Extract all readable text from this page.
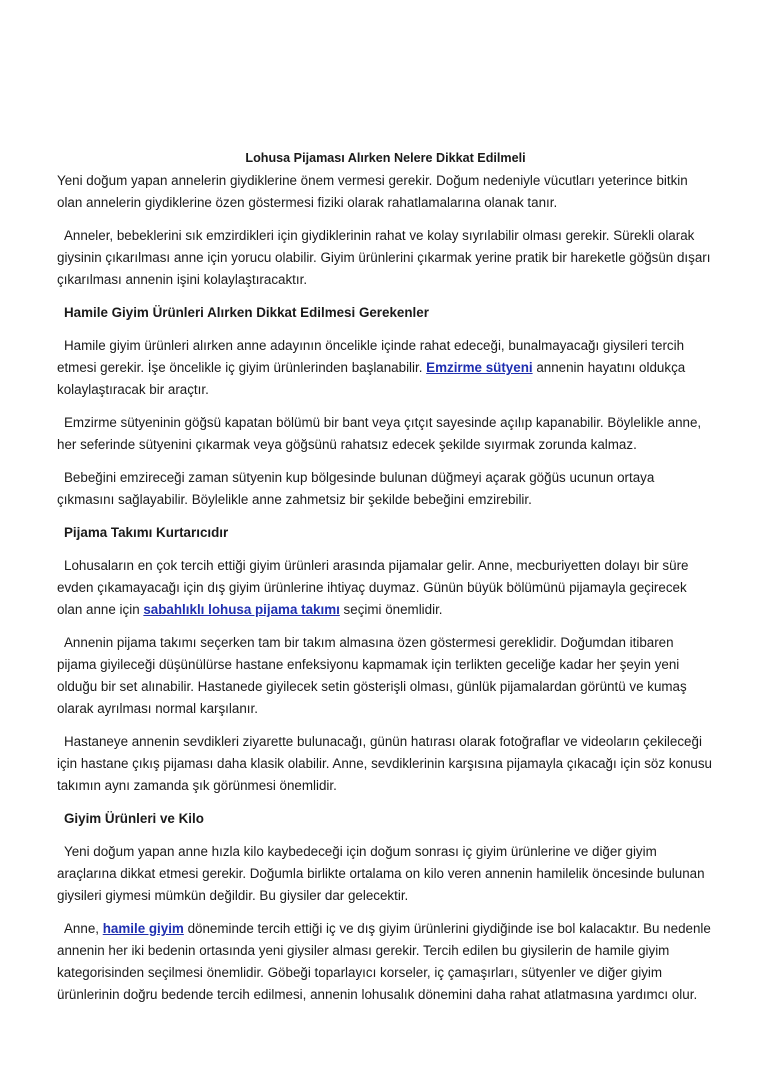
Lohusa Pijaması Alırken Nelere Dikkat Edilmeli

Yeni doğum yapan annelerin giydiklerine önem vermesi gerekir. Doğum nedeniyle vücutları yeterince bitkin olan annelerin giydiklerine özen göstermesi fiziki olarak rahatlamalarına olanak tanır.

Anneler, bebeklerini sık emzirdikleri için giydiklerinin rahat ve kolay sıyrılabilir olması gerekir. Sürekli olarak giysinin çıkarılması anne için yorucu olabilir. Giyim ürünlerini çıkarmak yerine pratik bir hareketle göğsün dışarı çıkarılması annenin işini kolaylaştıracaktır.

Hamile Giyim Ürünleri Alırken Dikkat Edilmesi Gerekenler

Hamile giyim ürünleri alırken anne adayının öncelikle içinde rahat edeceği, bunalmayacağı giysileri tercih etmesi gerekir. İşe öncelikle iç giyim ürünlerinden başlanabilir. Emzirme sütyeni annenin hayatını oldukça kolaylaştıracak bir araçtır.

Emzirme sütyeninin göğsü kapatan bölümü bir bant veya çıtçıt sayesinde açılıp kapanabilir. Böylelikle anne, her seferinde sütyenini çıkarmak veya göğsünü rahatsız edecek şekilde sıyırmak zorunda kalmaz.

Bebeğini emzireceği zaman sütyenin kup bölgesinde bulunan düğmeyi açarak göğüs ucunun ortaya çıkmasını sağlayabilir. Böylelikle anne zahmetsiz bir şekilde bebeğini emzirebilir.

Pijama Takımı Kurtarıcıdır

Lohusaların en çok tercih ettiği giyim ürünleri arasında pijamalar gelir. Anne, mecburiyetten dolayı bir süre evden çıkamayacağı için dış giyim ürünlerine ihtiyaç duymaz. Günün büyük bölümünü pijamayla geçirecek olan anne için sabahlıklı lohusa pijama takımı seçimi önemlidir.

Annenin pijama takımı seçerken tam bir takım almasına özen göstermesi gereklidir. Doğumdan itibaren pijama giyileceği düşünülürse hastane enfeksiyonu kapmamak için terlikten geceliğe kadar her şeyin yeni olduğu bir set alınabilir. Hastanede giyilecek setin gösterişli olması, günlük pijamalardan görüntü ve kumaş olarak ayrılması normal karşılanır.

Hastaneye annenin sevdikleri ziyarette bulunacağı, günün hatırası olarak fotoğraflar ve videoların çekileceği için hastane çıkış pijaması daha klasik olabilir. Anne, sevdiklerinin karşısına pijamayla çıkacağı için söz konusu takımın aynı zamanda şık görünmesi önemlidir.

Giyim Ürünleri ve Kilo

Yeni doğum yapan anne hızla kilo kaybedeceği için doğum sonrası iç giyim ürünlerine ve diğer giyim araçlarına dikkat etmesi gerekir. Doğumla birlikte ortalama on kilo veren annenin hamilelik öncesinde bulunan giysileri giymesi mümkün değildir. Bu giysiler dar gelecektir.

Anne, hamile giyim döneminde tercih ettiği iç ve dış giyim ürünlerini giydiğinde ise bol kalacaktır. Bu nedenle annenin her iki bedenin ortasında yeni giysiler alması gerekir. Tercih edilen bu giysilerin de hamile giyim kategorisinden seçilmesi önemlidir. Göbeği toparlayıcı korseler, iç çamaşırları, sütyenler ve diğer giyim ürünlerinin doğru bedende tercih edilmesi, annenin lohusalık dönemini daha rahat atlatmasına yardımcı olur.
